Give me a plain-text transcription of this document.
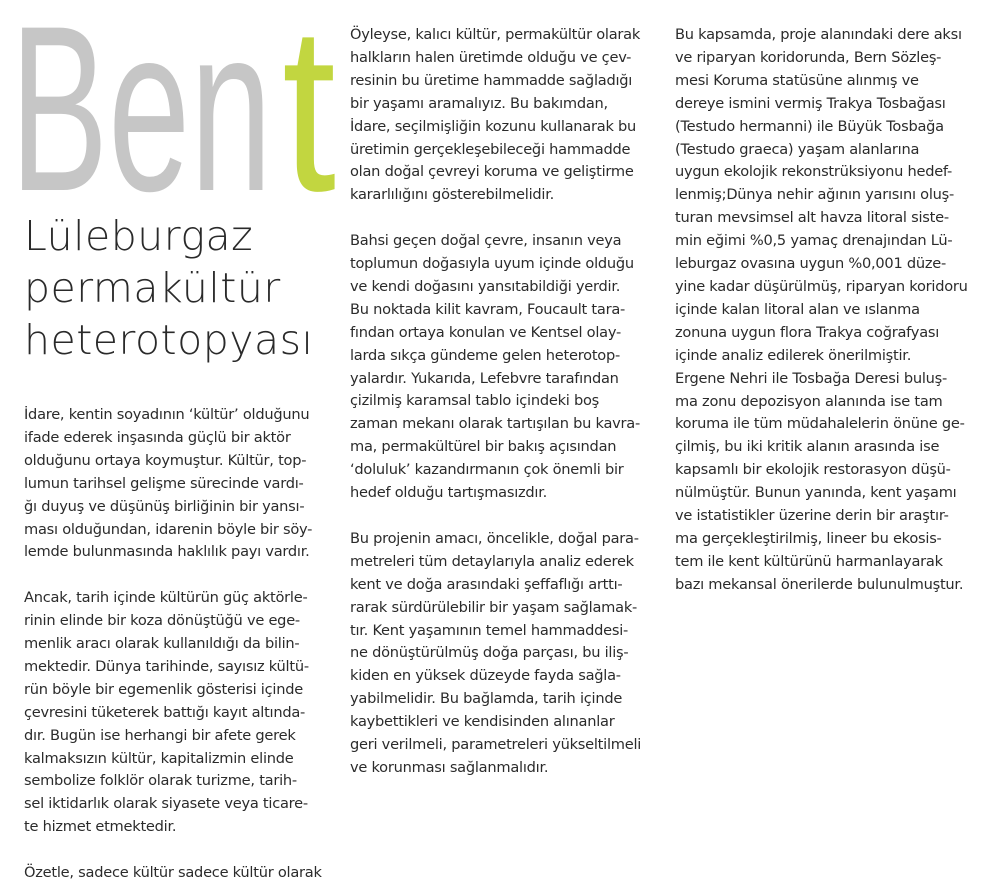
Ben t
Lüleburgaz
permakültür
heterotopyası

İdare, kentin soyadının ‘kültür’ olduğunu
ifade ederek inşasında güçlü bir aktör
olduğunu ortaya koymuştur. Kültür, top-
lumun tarihsel gelişme sürecinde vardı-
ğı duyuş ve düşünüş birliğinin bir yansı-
ması olduğundan, idarenin böyle bir söy-
lemde bulunmasında haklılık payı vardır.

Ancak, tarih içinde kültürün güç aktörle-
rinin elinde bir koza dönüştüğü ve ege-
menlik aracı olarak kullanıldığı da bilin-
mektedir. Dünya tarihinde, sayısız kültü-
rün böyle bir egemenlik gösterisi içinde
çevresini tüketerek battığı kayıt altında-
dır. Bugün ise herhangi bir afete gerek
kalmaksızın kültür, kapitalizmin elinde
sembolize folklör olarak turizme, tarih-
sel iktidarlık olarak siyasete veya ticare-
te hizmet etmektedir.

Özetle, sadece kültür sadece kültür olarak

Öyleyse, kalıcı kültür, permakültür olarak
halkların halen üretimde olduğu ve çev-
resinin bu üretime hammadde sağladığı
bir yaşamı aramalıyız. Bu bakımdan,
İdare, seçilmişliğin kozunu kullanarak bu
üretimin gerçekleşebileceği hammadde
olan doğal çevreyi koruma ve geliştirme
kararlılığını gösterebilmelidir.

Bahsi geçen doğal çevre, insanın veya
toplumun doğasıyla uyum içinde olduğu
ve kendi doğasını yansıtabildiği yerdir.
Bu noktada kilit kavram, Foucault tara-
fından ortaya konulan ve Kentsel olay-
larda sıkça gündeme gelen heterotop-
yalardır. Yukarıda, Lefebvre tarafından
çizilmiş karamsal tablo içindeki boş
zaman mekanı olarak tartışılan bu kavra-
ma, permakültürel bir bakış açısından
‘doluluk’ kazandırmanın çok önemli bir
hedef olduğu tartışmasızdır.

Bu projenin amacı, öncelikle, doğal para-
metreleri tüm detaylarıyla analiz ederek
kent ve doğa arasındaki şeffaflığı arttı-
rarak sürdürülebilir bir yaşam sağlamak-
tır. Kent yaşamının temel hammaddesi-
ne dönüştürülmüş doğa parçası, bu iliş-
kiden en yüksek düzeyde fayda sağla-
yabilmelidir. Bu bağlamda, tarih içinde
kaybettikleri ve kendisinden alınanlar
geri verilmeli, parametreleri yükseltilmeli
ve korunması sağlanmalıdır.

Bu kapsamda, proje alanındaki dere aksı
ve riparyan koridorunda, Bern Sözleş-
mesi Koruma statüsüne alınmış ve
dereye ismini vermiş Trakya Tosbağası
(Testudo hermanni) ile Büyük Tosbağa
(Testudo graeca) yaşam alanlarına
uygun ekolojik rekonstrüksiyonu hedef-
lenmiş;Dünya nehir ağının yarısını oluş-
turan mevsimsel alt havza litoral siste-
min eğimi %0,5 yamaç drenajından Lü-
leburgaz ovasına uygun %0,001 düze-
yine kadar düşürülmüş, riparyan koridoru
içinde kalan litoral alan ve ıslanma
zonuna uygun flora Trakya coğrafyası
içinde analiz edilerek önerilmiştir.
Ergene Nehri ile Tosbağa Deresi buluş-
ma zonu depozisyon alanında ise tam
koruma ile tüm müdahalelerin önüne ge-
çilmiş, bu iki kritik alanın arasında ise
kapsamlı bir ekolojik restorasyon düşü-
nülmüştür. Bunun yanında, kent yaşamı
ve istatistikler üzerine derin bir araştır-
ma gerçekleştirilmiş, lineer bu ekosis-
tem ile kent kültürünü harmanlayarak
bazı mekansal önerilerde bulunulmuştur.
